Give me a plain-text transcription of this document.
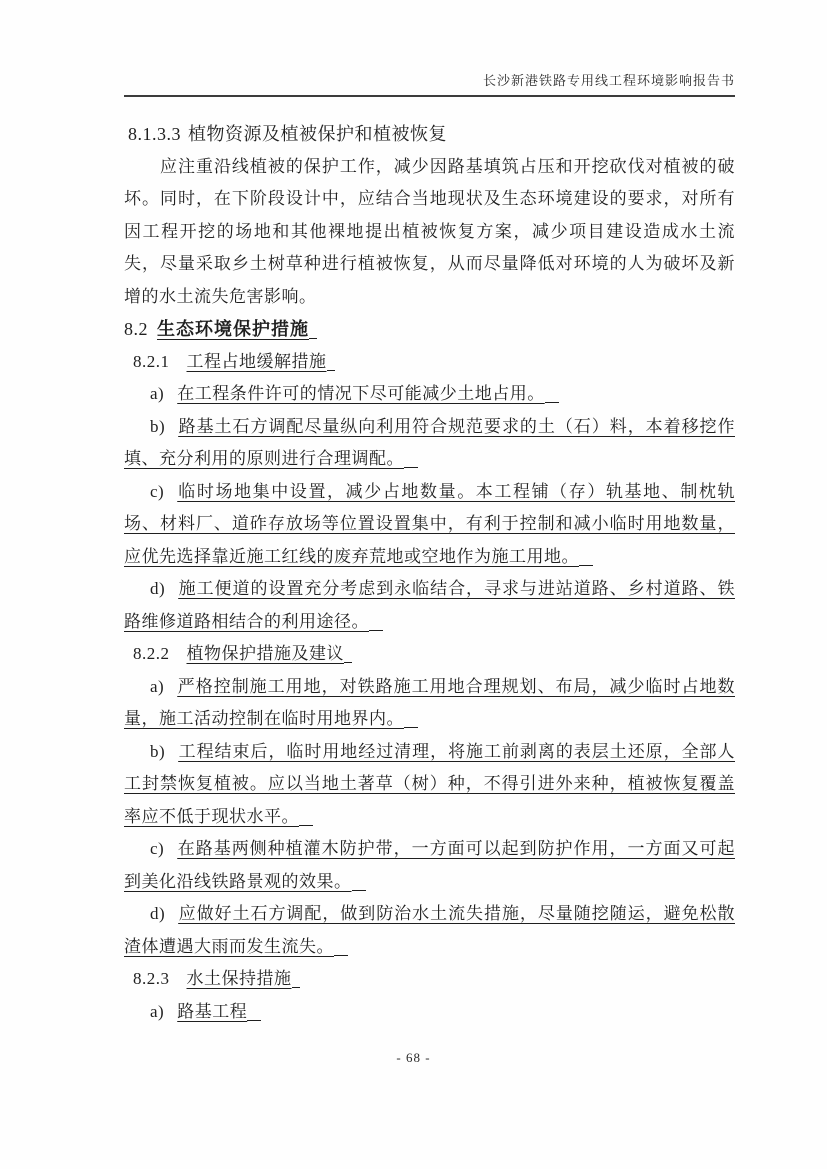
长沙新港铁路专用线工程环境影响报告书
8.1.3.3 植物资源及植被保护和植被恢复

应注重沿线植被的保护工作，减少因路基填筑占压和开挖砍伐对植被的破坏。同时，在下阶段设计中，应结合当地现状及生态环境建设的要求，对所有因工程开挖的场地和其他裸地提出植被恢复方案，减少项目建设造成水土流失，尽量采取乡土树草种进行植被恢复，从而尽量降低对环境的人为破坏及新增的水土流失危害影响。

8.2 生态环境保护措施
8.2.1 工程占地缓解措施

a) 在工程条件许可的情况下尽可能减少土地占用。

b) 路基土石方调配尽量纵向利用符合规范要求的土（石）料，本着移挖作填、充分利用的原则进行合理调配。

c) 临时场地集中设置，减少占地数量。本工程铺（存）轨基地、制枕轨场、材料厂、道砟存放场等位置设置集中，有利于控制和减小临时用地数量，应优先选择靠近施工红线的废弃荒地或空地作为施工用地。

d) 施工便道的设置充分考虑到永临结合，寻求与进站道路、乡村道路、铁路维修道路相结合的利用途径。

8.2.2 植物保护措施及建议

a) 严格控制施工用地，对铁路施工用地合理规划、布局，减少临时占地数量，施工活动控制在临时用地界内。

b) 工程结束后，临时用地经过清理，将施工前剥离的表层土还原，全部人工封禁恢复植被。应以当地土著草（树）种，不得引进外来种，植被恢复覆盖率应不低于现状水平。

c) 在路基两侧种植灌木防护带，一方面可以起到防护作用，一方面又可起到美化沿线铁路景观的效果。

d) 应做好土石方调配，做到防治水土流失措施，尽量随挖随运，避免松散渣体遭遇大雨而发生流失。

8.2.3 水土保持措施

a) 路基工程

- 68 -
